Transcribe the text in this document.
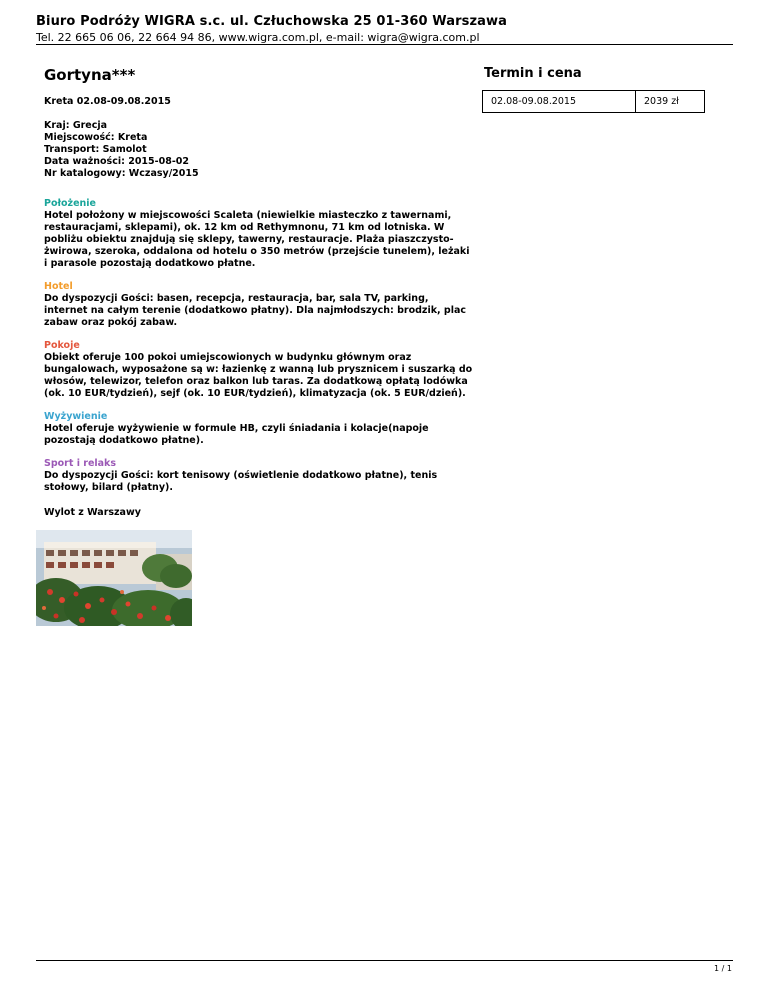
Biuro Podróży WIGRA s.c. ul. Człuchowska 25 01-360 Warszawa
Tel. 22 665 06 06, 22 664 94 86, www.wigra.com.pl, e-mail: wigra@wigra.com.pl
Gortyna***
Kreta 02.08-09.08.2015
Kraj: Grecja
Miejscowość: Kreta
Transport: Samolot
Data ważności: 2015-08-02
Nr katalogowy: Wczasy/2015
Położenie
Hotel położony w miejscowości Scaleta (niewielkie miasteczko z tawernami, restauracjami, sklepami), ok. 12 km od Rethymnonu, 71 km od lotniska. W pobliżu obiektu znajdują się sklepy, tawerny, restauracje. Plaża piaszczysto-żwirowa, szeroka, oddalona od hotelu o 350 metrów (przejście tunelem), leżaki i parasole pozostają dodatkowo płatne.
Hotel
Do dyspozycji Gości: basen, recepcja, restauracja, bar, sala TV, parking, internet na całym terenie (dodatkowo płatny). Dla najmłodszych: brodzik, plac zabaw oraz pokój zabaw.
Pokoje
Obiekt oferuje 100 pokoi umiejscowionych w budynku głównym oraz bungalowach, wyposażone są w: łazienkę z wanną lub prysznicem i suszarką do włosów, telewizor, telefon oraz balkon lub taras. Za dodatkową opłatą lodówka (ok. 10 EUR/tydzień), sejf (ok. 10 EUR/tydzień), klimatyzacja (ok. 5 EUR/dzień).
Wyżywienie
Hotel oferuje wyżywienie w formule HB, czyli śniadania i kolacje(napoje pozostają dodatkowo płatne).
Sport i relaks
Do dyspozycji Gości: kort tenisowy (oświetlenie dodatkowo płatne), tenis stołowy, bilard (płatny).
Wylot z Warszawy
Termin i cena
02.08-09.08.2015	2039 zł
1 / 1
